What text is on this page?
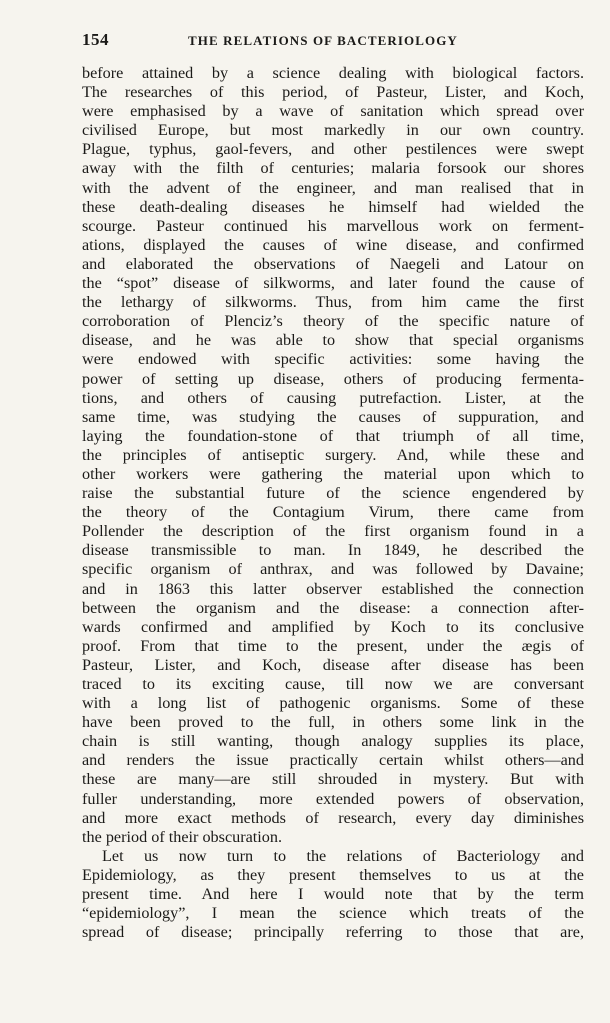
154	THE RELATIONS OF BACTERIOLOGY
before attained by a science dealing with biological factors.
The researches of this period, of Pasteur, Lister, and Koch,
were emphasised by a wave of sanitation which spread over
civilised Europe, but most markedly in our own country.
Plague, typhus, gaol-fevers, and other pestilences were swept
away with the filth of centuries; malaria forsook our shores
with the advent of the engineer, and man realised that in
these death-dealing diseases he himself had wielded the
scourge. Pasteur continued his marvellous work on ferment-
ations, displayed the causes of wine disease, and confirmed
and elaborated the observations of Naegeli and Latour on
the “spot” disease of silkworms, and later found the cause of
the lethargy of silkworms. Thus, from him came the first
corroboration of Plenciz’s theory of the specific nature of
disease, and he was able to show that special organisms
were endowed with specific activities: some having the
power of setting up disease, others of producing fermenta-
tions, and others of causing putrefaction. Lister, at the
same time, was studying the causes of suppuration, and
laying the foundation-stone of that triumph of all time,
the principles of antiseptic surgery. And, while these and
other workers were gathering the material upon which to
raise the substantial future of the science engendered by
the theory of the Contagium Virum, there came from
Pollender the description of the first organism found in a
disease transmissible to man. In 1849, he described the
specific organism of anthrax, and was followed by Davaine;
and in 1863 this latter observer established the connection
between the organism and the disease: a connection after-
wards confirmed and amplified by Koch to its conclusive
proof. From that time to the present, under the ægis of
Pasteur, Lister, and Koch, disease after disease has been
traced to its exciting cause, till now we are conversant
with a long list of pathogenic organisms. Some of these
have been proved to the full, in others some link in the
chain is still wanting, though analogy supplies its place,
and renders the issue practically certain whilst others—and
these are many—are still shrouded in mystery. But with
fuller understanding, more extended powers of observation,
and more exact methods of research, every day diminishes
the period of their obscuration.
Let us now turn to the relations of Bacteriology and
Epidemiology, as they present themselves to us at the
present time. And here I would note that by the term
“epidemiology”, I mean the science which treats of the
spread of disease; principally referring to those that are,
